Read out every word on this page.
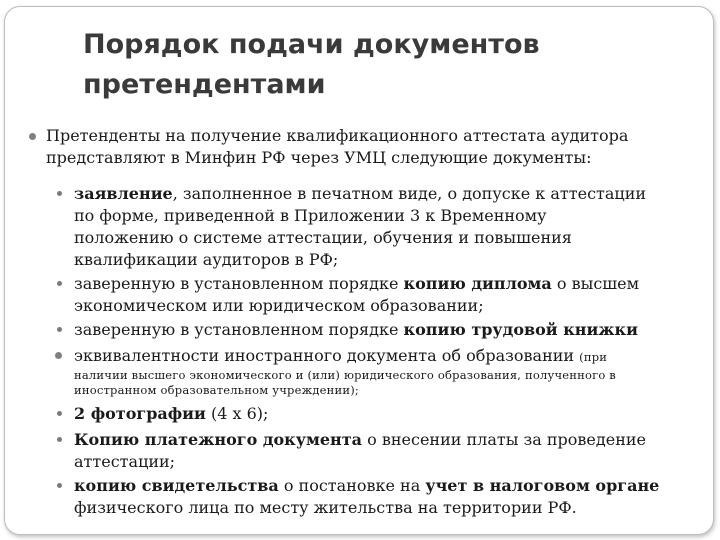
Порядок подачи документов
претендентами
Претенденты на получение квалификационного аттестата аудитора
представляют в Минфин РФ через УМЦ следующие документы:
заявление, заполненное в печатном виде, о допуске к аттестации
по форме, приведенной в Приложении 3 к Временному
положению о системе аттестации, обучения и повышения
квалификации аудиторов в РФ;
заверенную в установленном порядке копию диплома о высшем
экономическом или юридическом образовании;
заверенную в установленном порядке копию трудовой книжки
эквивалентности иностранного документа об образовании (при

наличии высшего экономического и (или) юридического образования, полученного в
иностранном образовательном учреждении);
2 фотографии (4 х 6);
Копию платежного документа о внесении платы за проведение
аттестации;
копию свидетельства о постановке на учет в налоговом органе
физического лица по месту жительства на территории РФ.
